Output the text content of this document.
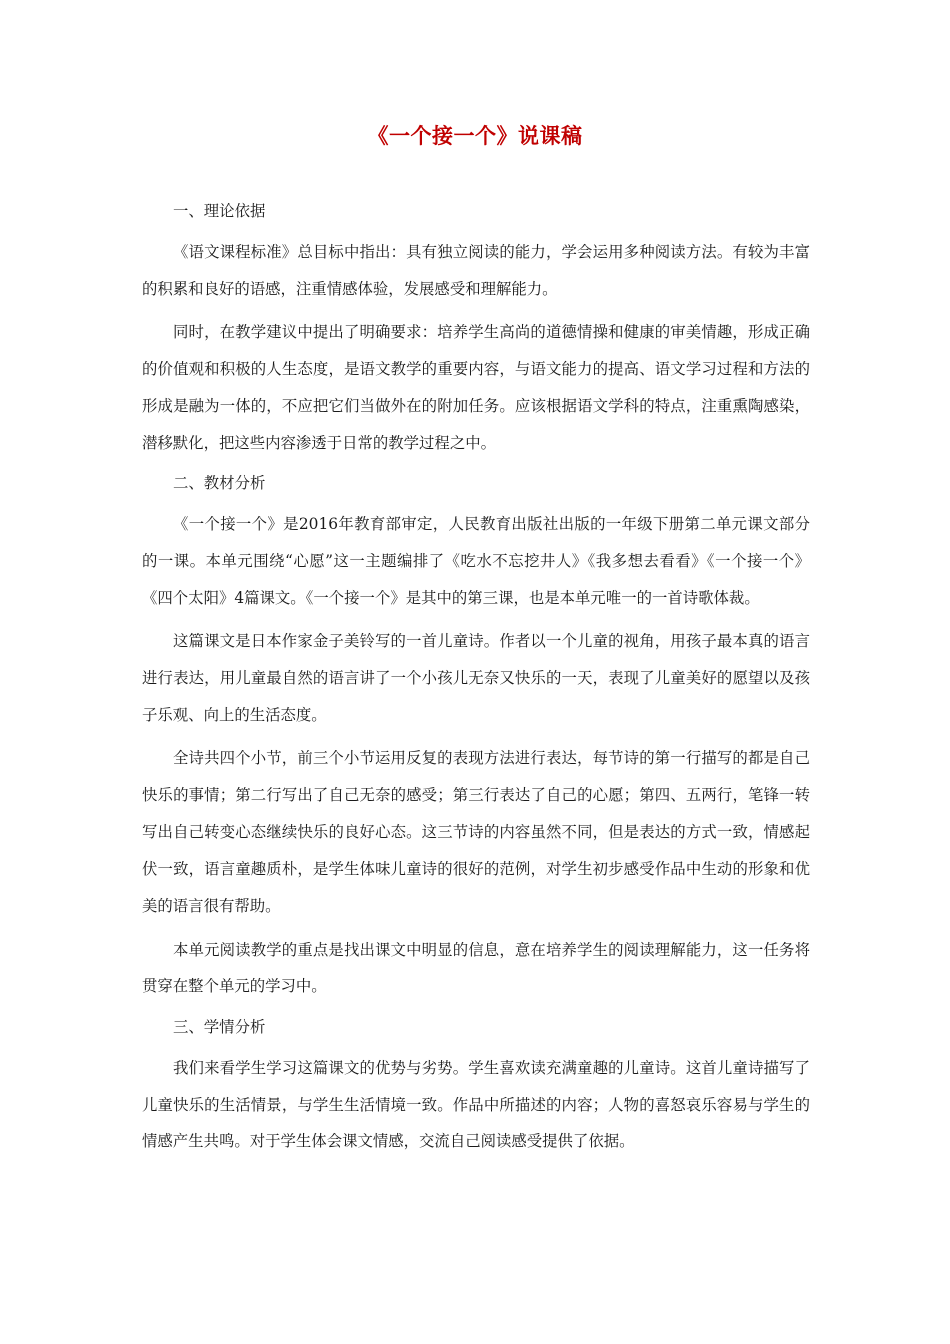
《一个接一个》说课稿
一、理论依据

《语文课程标准》总目标中指出：具有独立阅读的能力，学会运用多种阅读方法。有较为丰富的积累和良好的语感，注重情感体验，发展感受和理解能力。

同时，在教学建议中提出了明确要求：培养学生高尚的道德情操和健康的审美情趣，形成正确的价值观和积极的人生态度，是语文教学的重要内容，与语文能力的提高、语文学习过程和方法的形成是融为一体的，不应把它们当做外在的附加任务。应该根据语文学科的特点，注重熏陶感染，潜移默化，把这些内容渗透于日常的教学过程之中。

二、教材分析

《一个接一个》是2016年教育部审定，人民教育出版社出版的一年级下册第二单元课文部分的一课。本单元围绕“心愿”这一主题编排了《吃水不忘挖井人》《我多想去看看》《一个接一个》《四个太阳》4篇课文。《一个接一个》是其中的第三课，也是本单元唯一的一首诗歌体裁。

这篇课文是日本作家金子美铃写的一首儿童诗。作者以一个儿童的视角，用孩子最本真的语言进行表达，用儿童最自然的语言讲了一个小孩儿无奈又快乐的一天，表现了儿童美好的愿望以及孩子乐观、向上的生活态度。

全诗共四个小节，前三个小节运用反复的表现方法进行表达，每节诗的第一行描写的都是自己快乐的事情；第二行写出了自己无奈的感受；第三行表达了自己的心愿；第四、五两行，笔锋一转写出自己转变心态继续快乐的良好心态。这三节诗的内容虽然不同，但是表达的方式一致，情感起伏一致，语言童趣质朴，是学生体味儿童诗的很好的范例，对学生初步感受作品中生动的形象和优美的语言很有帮助。

本单元阅读教学的重点是找出课文中明显的信息，意在培养学生的阅读理解能力，这一任务将贯穿在整个单元的学习中。

三、学情分析

我们来看学生学习这篇课文的优势与劣势。学生喜欢读充满童趣的儿童诗。这首儿童诗描写了儿童快乐的生活情景，与学生生活情境一致。作品中所描述的内容；人物的喜怒哀乐容易与学生的情感产生共鸣。对于学生体会课文情感，交流自己阅读感受提供了依据。
